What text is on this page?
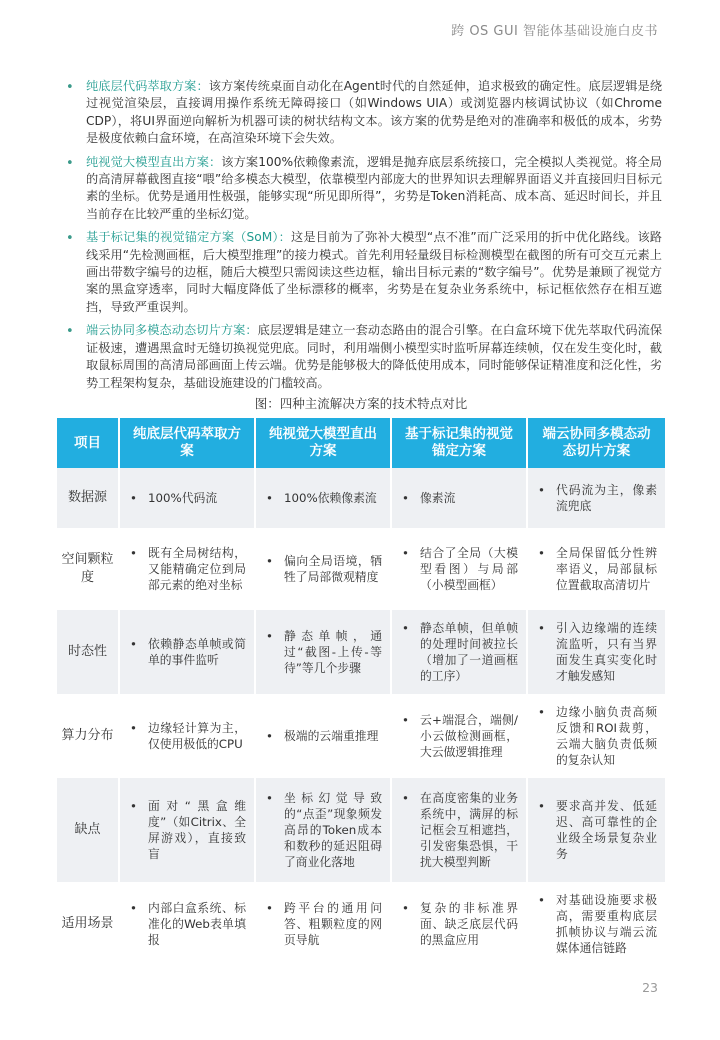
跨 OS GUI 智能体基础设施白皮书
• 纯底层代码萃取方案：该方案传统桌面自动化在Agent时代的自然延伸，追求极致的确定性。底层逻辑是绕过视觉渲染层，直接调用操作系统无障碍接口（如Windows UIA）或浏览器内核调试协议（如Chrome CDP），将UI界面逆向解析为机器可读的树状结构文本。该方案的优势是绝对的准确率和极低的成本，劣势是极度依赖白盒环境，在高渲染环境下会失效。
• 纯视觉大模型直出方案：该方案100%依赖像素流，逻辑是抛弃底层系统接口，完全模拟人类视觉。将全局的高清屏幕截图直接“喂”给多模态大模型，依靠模型内部庞大的世界知识去理解界面语义并直接回归目标元素的坐标。优势是通用性极强，能够实现“所见即所得”，劣势是Token消耗高、成本高、延迟时间长，并且当前存在比较严重的坐标幻觉。
• 基于标记集的视觉锚定方案（SoM）：这是目前为了弥补大模型“点不准”而广泛采用的折中优化路线。该路线采用“先检测画框，后大模型推理”的接力模式。首先利用轻量级目标检测模型在截图的所有可交互元素上画出带数字编号的边框，随后大模型只需阅读这些边框，输出目标元素的“数字编号”。优势是兼顾了视觉方案的黑盒穿透率，同时大幅度降低了坐标漂移的概率，劣势是在复杂业务系统中，标记框依然存在相互遮挡，导致严重误判。
• 端云协同多模态动态切片方案：底层逻辑是建立一套动态路由的混合引擎。在白盒环境下优先萃取代码流保证极速，遭遇黑盒时无缝切换视觉兜底。同时，利用端侧小模型实时监听屏幕连续帧，仅在发生变化时，截取鼠标周围的高清局部画面上传云端。优势是能够极大的降低使用成本，同时能够保证精准度和泛化性，劣势工程架构复杂，基础设施建设的门槛较高。
图：四种主流解决方案的技术特点对比
项目	纯底层代码萃取方案	纯视觉大模型直出方案	基于标记集的视觉锚定方案	端云协同多模态动态切片方案
数据源	• 100%代码流	• 100%依赖像素流	• 像素流	• 代码流为主，像素流兜底

空间颗粒度	• 既有全局树结构，又能精确定位到局部元素的绝对坐标	• 偏向全局语境，牺牲了局部微观精度	• 结合了全局（大模型看图）与局部（小模型画框）	• 全局保留低分性辨率语义，局部鼠标位置截取高清切片

时态性	• 依赖静态单帧或简单的事件监听	• 静态单帧，通过“截图-上传-等待”等几个步骤	• 静态单帧，但单帧的处理时间被拉长（增加了一道画框的工序）	• 引入边缘端的连续流监听，只有当界面发生真实变化时才触发感知

算力分布	• 边缘轻计算为主，仅使用极低的CPU	• 极端的云端重推理	• 云+端混合，端侧/小云做检测画框，大云做逻辑推理	• 边缘小脑负责高频反馈和ROI裁剪，云端大脑负责低频的复杂认知

缺点	• 面对“黑盒维度”（如Citrix、全屏游戏），直接致盲	• 坐标幻觉导致的“点歪”现象频发高昂的Token成本和数秒的延迟阻碍了商业化落地	• 在高度密集的业务系统中，满屏的标记框会互相遮挡，引发密集恐惧，干扰大模型判断	• 要求高并发、低延迟、高可靠性的企业级全场景复杂业务

适用场景	• 内部白盒系统、标准化的Web表单填报	• 跨平台的通用问答、粗颗粒度的网页导航	• 复杂的非标准界面、缺乏底层代码的黑盒应用	• 对基础设施要求极高，需要重构底层抓帧协议与端云流媒体通信链路
23
